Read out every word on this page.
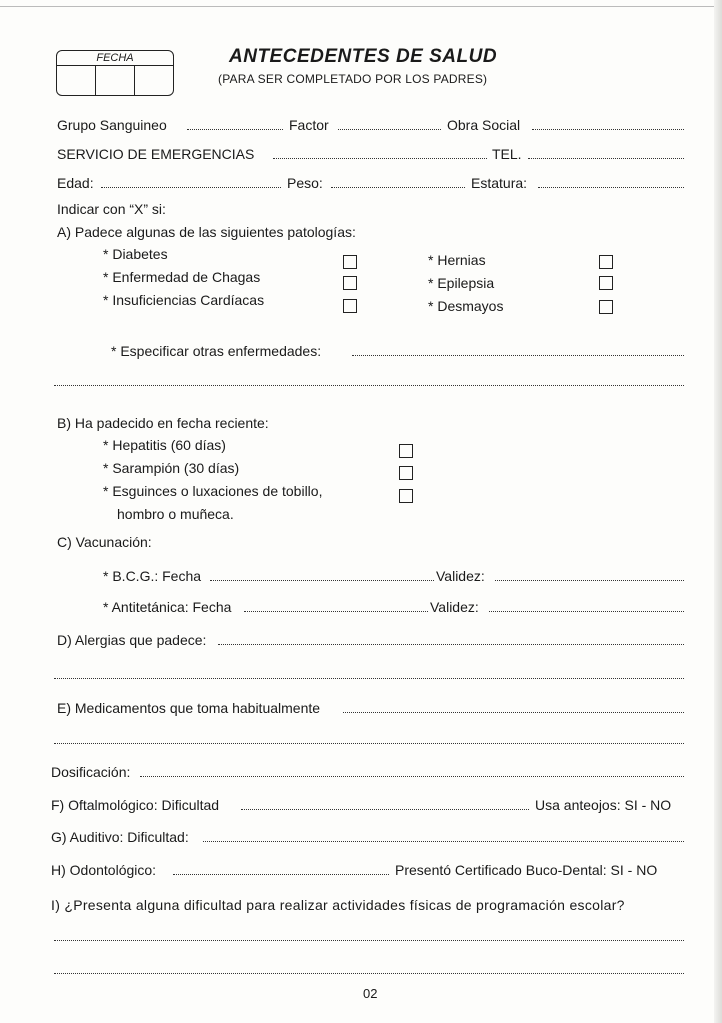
FECHA	ANTECEDENTES DE SALUD
(PARA SER COMPLETADO POR LOS PADRES)
Grupo Sanguineo	Factor	Obra Social
SERVICIO DE EMERGENCIAS	TEL.
Edad:	Peso:	Estatura:
Indicar con “X” si:
A) Padece algunas de las siguientes patologías:
* Diabetes
* Enfermedad de Chagas
* Insuficiencias Cardíacas
* Hernias
* Epilepsia
* Desmayos
* Especificar otras enfermedades:
B) Ha padecido en fecha reciente:
* Hepatitis (60 días)
* Sarampión (30 días)
* Esguinces o luxaciones de tobillo,
hombro o muñeca.
C) Vacunación:
* B.C.G.: Fecha	Validez:
* Antitetánica: Fecha	Validez:
D) Alergias que padece:
E) Medicamentos que toma habitualmente
Dosificación:
F) Oftalmológico: Dificultad	Usa anteojos: SI - NO
G) Auditivo: Dificultad:
H) Odontológico:	Presentó Certificado Buco-Dental: SI - NO
I) ¿Presenta alguna dificultad para realizar actividades físicas de programación escolar?
02
